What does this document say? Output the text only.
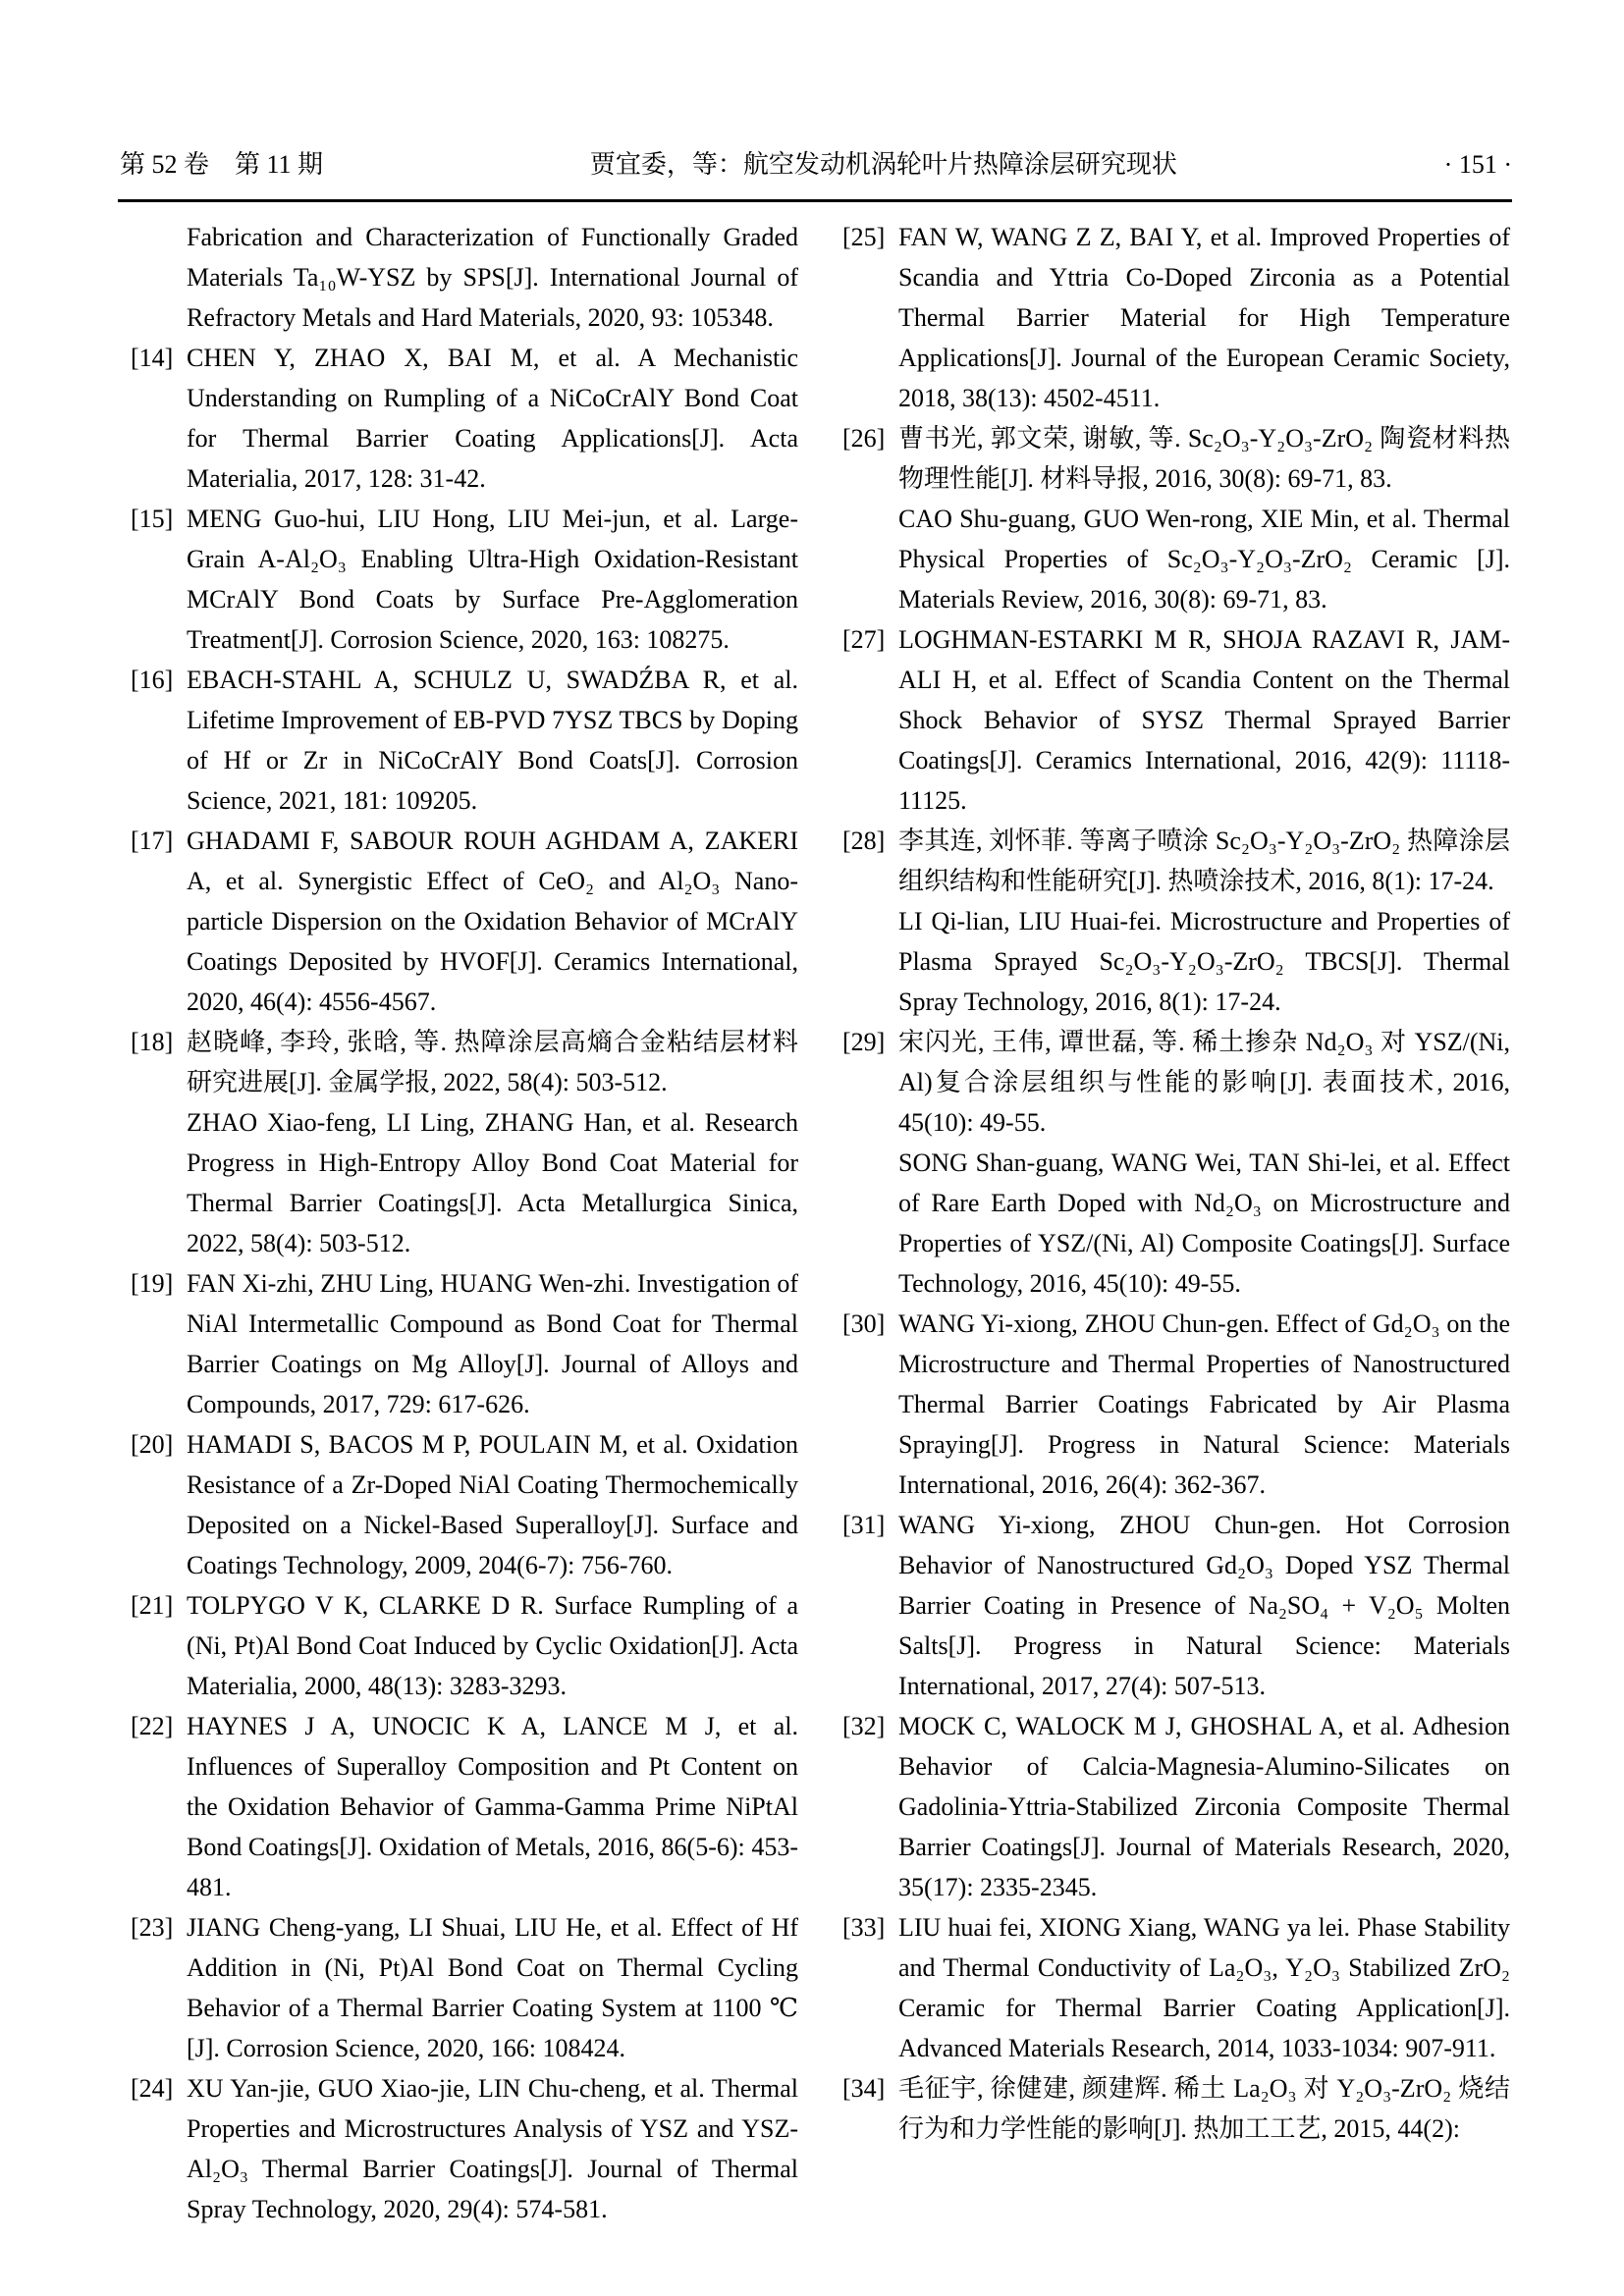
第 52 卷　第 11 期	贾宜委，等：航空发动机涡轮叶片热障涂层研究现状	· 151 ·

Fabrication and Characterization of Functionally Graded Materials Ta₁₀W-YSZ by SPS[J]. International Journal of Refractory Metals and Hard Materials, 2020, 93: 105348.

[14] CHEN Y, ZHAO X, BAI M, et al. A Mechanistic Understanding on Rumpling of a NiCoCrAlY Bond Coat for Thermal Barrier Coating Applications[J]. Acta Materialia, 2017, 128: 31-42.

[15] MENG Guo-hui, LIU Hong, LIU Mei-jun, et al. Large-Grain A-Al₂O₃ Enabling Ultra-High Oxidation-Resistant MCrAlY Bond Coats by Surface Pre-Agglomeration Treatment[J]. Corrosion Science, 2020, 163: 108275.

[16] EBACH-STAHL A, SCHULZ U, SWADŹBA R, et al. Lifetime Improvement of EB-PVD 7YSZ TBCS by Doping of Hf or Zr in NiCoCrAlY Bond Coats[J]. Corrosion Science, 2021, 181: 109205.

[17] GHADAMI F, SABOUR ROUH AGHDAM A, ZAKERI A, et al. Synergistic Effect of CeO₂ and Al₂O₃ Nano-particle Dispersion on the Oxidation Behavior of MCrAlY Coatings Deposited by HVOF[J]. Ceramics International, 2020, 46(4): 4556-4567.

[18] 赵晓峰, 李玲, 张晗, 等. 热障涂层高熵合金粘结层材料研究进展[J]. 金属学报, 2022, 58(4): 503-512.

ZHAO Xiao-feng, LI Ling, ZHANG Han, et al. Research Progress in High-Entropy Alloy Bond Coat Material for Thermal Barrier Coatings[J]. Acta Metallurgica Sinica, 2022, 58(4): 503-512.

[19] FAN Xi-zhi, ZHU Ling, HUANG Wen-zhi. Investigation of NiAl Intermetallic Compound as Bond Coat for Thermal Barrier Coatings on Mg Alloy[J]. Journal of Alloys and Compounds, 2017, 729: 617-626.

[20] HAMADI S, BACOS M P, POULAIN M, et al. Oxidation Resistance of a Zr-Doped NiAl Coating Thermochemically Deposited on a Nickel-Based Superalloy[J]. Surface and Coatings Technology, 2009, 204(6-7): 756-760.

[21] TOLPYGO V K, CLARKE D R. Surface Rumpling of a (Ni, Pt)Al Bond Coat Induced by Cyclic Oxidation[J]. Acta Materialia, 2000, 48(13): 3283-3293.

[22] HAYNES J A, UNOCIC K A, LANCE M J, et al. Influences of Superalloy Composition and Pt Content on the Oxidation Behavior of Gamma-Gamma Prime NiPtAl Bond Coatings[J]. Oxidation of Metals, 2016, 86(5-6): 453-481.

[23] JIANG Cheng-yang, LI Shuai, LIU He, et al. Effect of Hf Addition in (Ni, Pt)Al Bond Coat on Thermal Cycling Behavior of a Thermal Barrier Coating System at 1100 ℃ [J]. Corrosion Science, 2020, 166: 108424.

[24] XU Yan-jie, GUO Xiao-jie, LIN Chu-cheng, et al. Thermal Properties and Microstructures Analysis of YSZ and YSZ-Al₂O₃ Thermal Barrier Coatings[J]. Journal of Thermal Spray Technology, 2020, 29(4): 574-581.

[25] FAN W, WANG Z Z, BAI Y, et al. Improved Properties of Scandia and Yttria Co-Doped Zirconia as a Potential Thermal Barrier Material for High Temperature Applications[J]. Journal of the European Ceramic Society, 2018, 38(13): 4502-4511.

[26] 曹书光, 郭文荣, 谢敏, 等. Sc₂O₃-Y₂O₃-ZrO₂ 陶瓷材料热物理性能[J]. 材料导报, 2016, 30(8): 69-71, 83.

CAO Shu-guang, GUO Wen-rong, XIE Min, et al. Thermal Physical Properties of Sc₂O₃-Y₂O₃-ZrO₂ Ceramic [J]. Materials Review, 2016, 30(8): 69-71, 83.

[27] LOGHMAN-ESTARKI M R, SHOJA RAZAVI R, JAM-ALI H, et al. Effect of Scandia Content on the Thermal Shock Behavior of SYSZ Thermal Sprayed Barrier Coatings[J]. Ceramics International, 2016, 42(9): 11118-11125.

[28] 李其连, 刘怀菲. 等离子喷涂 Sc₂O₃-Y₂O₃-ZrO₂ 热障涂层组织结构和性能研究[J]. 热喷涂技术, 2016, 8(1): 17-24.

LI Qi-lian, LIU Huai-fei. Microstructure and Properties of Plasma Sprayed Sc₂O₃-Y₂O₃-ZrO₂ TBCS[J]. Thermal Spray Technology, 2016, 8(1): 17-24.

[29] 宋闪光, 王伟, 谭世磊, 等. 稀土掺杂 Nd₂O₃ 对 YSZ/(Ni, Al)复合涂层组织与性能的影响[J]. 表面技术, 2016, 45(10): 49-55.

SONG Shan-guang, WANG Wei, TAN Shi-lei, et al. Effect of Rare Earth Doped with Nd₂O₃ on Microstructure and Properties of YSZ/(Ni, Al) Composite Coatings[J]. Surface Technology, 2016, 45(10): 49-55.

[30] WANG Yi-xiong, ZHOU Chun-gen. Effect of Gd₂O₃ on the Microstructure and Thermal Properties of Nanostructured Thermal Barrier Coatings Fabricated by Air Plasma Spraying[J]. Progress in Natural Science: Materials International, 2016, 26(4): 362-367.

[31] WANG Yi-xiong, ZHOU Chun-gen. Hot Corrosion Behavior of Nanostructured Gd₂O₃ Doped YSZ Thermal Barrier Coating in Presence of Na₂SO₄ + V₂O₅ Molten Salts[J]. Progress in Natural Science: Materials International, 2017, 27(4): 507-513.

[32] MOCK C, WALOCK M J, GHOSHAL A, et al. Adhesion Behavior of Calcia-Magnesia-Alumino-Silicates on Gadolinia-Yttria-Stabilized Zirconia Composite Thermal Barrier Coatings[J]. Journal of Materials Research, 2020, 35(17): 2335-2345.

[33] LIU huai fei, XIONG Xiang, WANG ya lei. Phase Stability and Thermal Conductivity of La₂O₃, Y₂O₃ Stabilized ZrO₂ Ceramic for Thermal Barrier Coating Application[J]. Advanced Materials Research, 2014, 1033-1034: 907-911.

[34] 毛征宇, 徐健建, 颜建辉. 稀土 La₂O₃ 对 Y₂O₃-ZrO₂ 烧结行为和力学性能的影响[J]. 热加工工艺, 2015, 44(2):
